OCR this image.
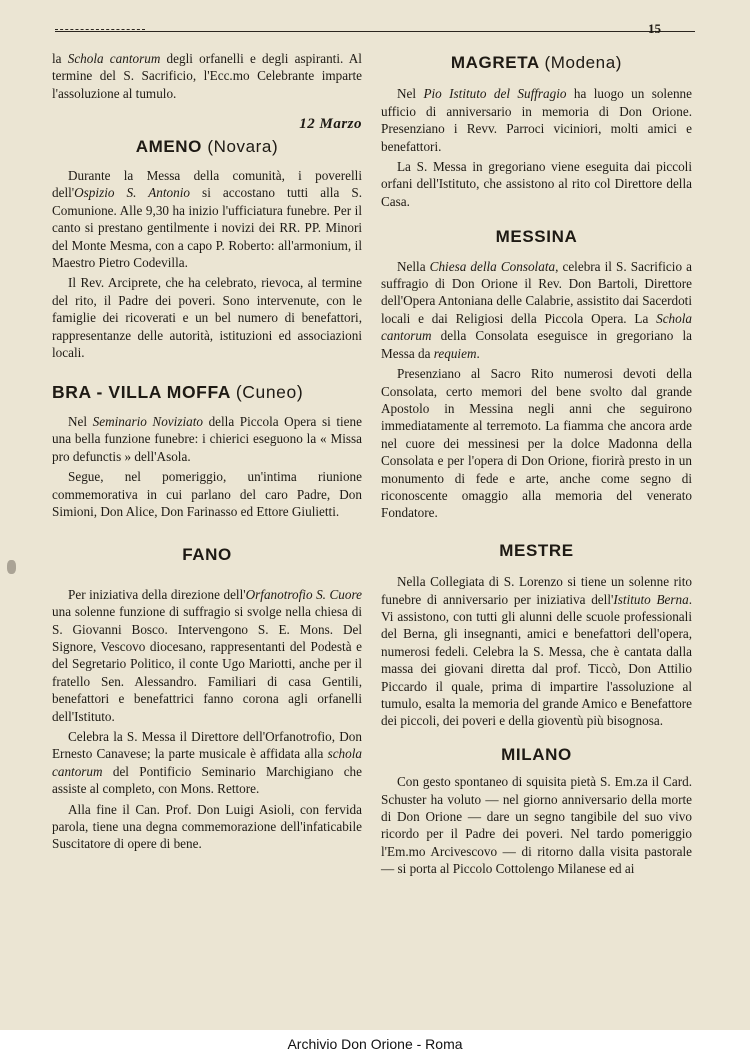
15

la Schola cantorum degli orfanelli e degli aspiranti. Al termine del S. Sacrificio, l'Ecc.mo Celebrante imparte l'assoluzione al tumulo.

12 Marzo
AMENO (Novara)

Durante la Messa della comunità, i poverelli dell'Ospizio S. Antonio si accostano tutti alla S. Comunione. Alle 9,30 ha inizio l'ufficiatura funebre. Per il canto si prestano gentilmente i novizi dei RR. PP. Minori del Monte Mesma, con a capo P. Roberto: all'armonium, il Maestro Pietro Codevilla.

Il Rev. Arciprete, che ha celebrato, rievoca, al termine del rito, il Padre dei poveri. Sono intervenute, con le famiglie dei ricoverati e un bel numero di benefattori, rappresentanze delle autorità, istituzioni ed associazioni locali.

BRA - VILLA MOFFA (Cuneo)

Nel Seminario Noviziato della Piccola Opera si tiene una bella funzione funebre: i chierici eseguono la « Missa pro defunctis » dell'Asola.

Segue, nel pomeriggio, un'intima riunione commemorativa in cui parlano del caro Padre, Don Simioni, Don Alice, Don Farinasso ed Ettore Giulietti.

FANO

Per iniziativa della direzione dell'Orfanotrofio S. Cuore una solenne funzione di suffragio si svolge nella chiesa di S. Giovanni Bosco. Intervengono S. E. Mons. Del Signore, Vescovo diocesano, rappresentanti del Podestà e del Segretario Politico, il conte Ugo Mariotti, anche per il fratello Sen. Alessandro. Familiari di casa Gentili, benefattori e benefattrici fanno corona agli orfanelli dell'Istituto.

Celebra la S. Messa il Direttore dell'Orfanotrofio, Don Ernesto Canavese; la parte musicale è affidata alla schola cantorum del Pontificio Seminario Marchigiano che assiste al completo, con Mons. Rettore.

Alla fine il Can. Prof. Don Luigi Asioli, con fervida parola, tiene una degna commemorazione dell'infaticabile Suscitatore di opere di bene.

MAGRETA (Modena)

Nel Pio Istituto del Suffragio ha luogo un solenne ufficio di anniversario in memoria di Don Orione. Presenziano i Revv. Parroci viciniori, molti amici e benefattori.

La S. Messa in gregoriano viene eseguita dai piccoli orfani dell'Istituto, che assistono al rito col Direttore della Casa.

MESSINA

Nella Chiesa della Consolata, celebra il S. Sacrificio a suffragio di Don Orione il Rev. Don Bartoli, Direttore dell'Opera Antoniana delle Calabrie, assistito dai Sacerdoti locali e dai Religiosi della Piccola Opera. La Schola cantorum della Consolata eseguisce in gregoriano la Messa da requiem.

Presenziano al Sacro Rito numerosi devoti della Consolata, certo memori del bene svolto dal grande Apostolo in Messina negli anni che seguirono immediatamente al terremoto. La fiamma che ancora arde nel cuore dei messinesi per la dolce Madonna della Consolata e per l'opera di Don Orione, fiorirà presto in un monumento di fede e arte, anche come segno di riconoscente omaggio alla memoria del venerato Fondatore.

MESTRE

Nella Collegiata di S. Lorenzo si tiene un solenne rito funebre di anniversario per iniziativa dell'Istituto Berna. Vi assistono, con tutti gli alunni delle scuole professionali del Berna, gli insegnanti, amici e benefattori dell'opera, numerosi fedeli. Celebra la S. Messa, che è cantata dalla massa dei giovani diretta dal prof. Ticcò, Don Attilio Piccardo il quale, prima di impartire l'assoluzione al tumulo, esalta la memoria del grande Amico e Benefattore dei piccoli, dei poveri e della gioventù più bisognosa.

MILANO

Con gesto spontaneo di squisita pietà S. Em.za il Card. Schuster ha voluto — nel giorno anniversario della morte di Don Orione — dare un segno tangibile del suo vivo ricordo per il Padre dei poveri. Nel tardo pomeriggio l'Em.mo Arcivescovo — di ritorno dalla visita pastorale — si porta al Piccolo Cottolengo Milanese ed ai

Archivio Don Orione - Roma
